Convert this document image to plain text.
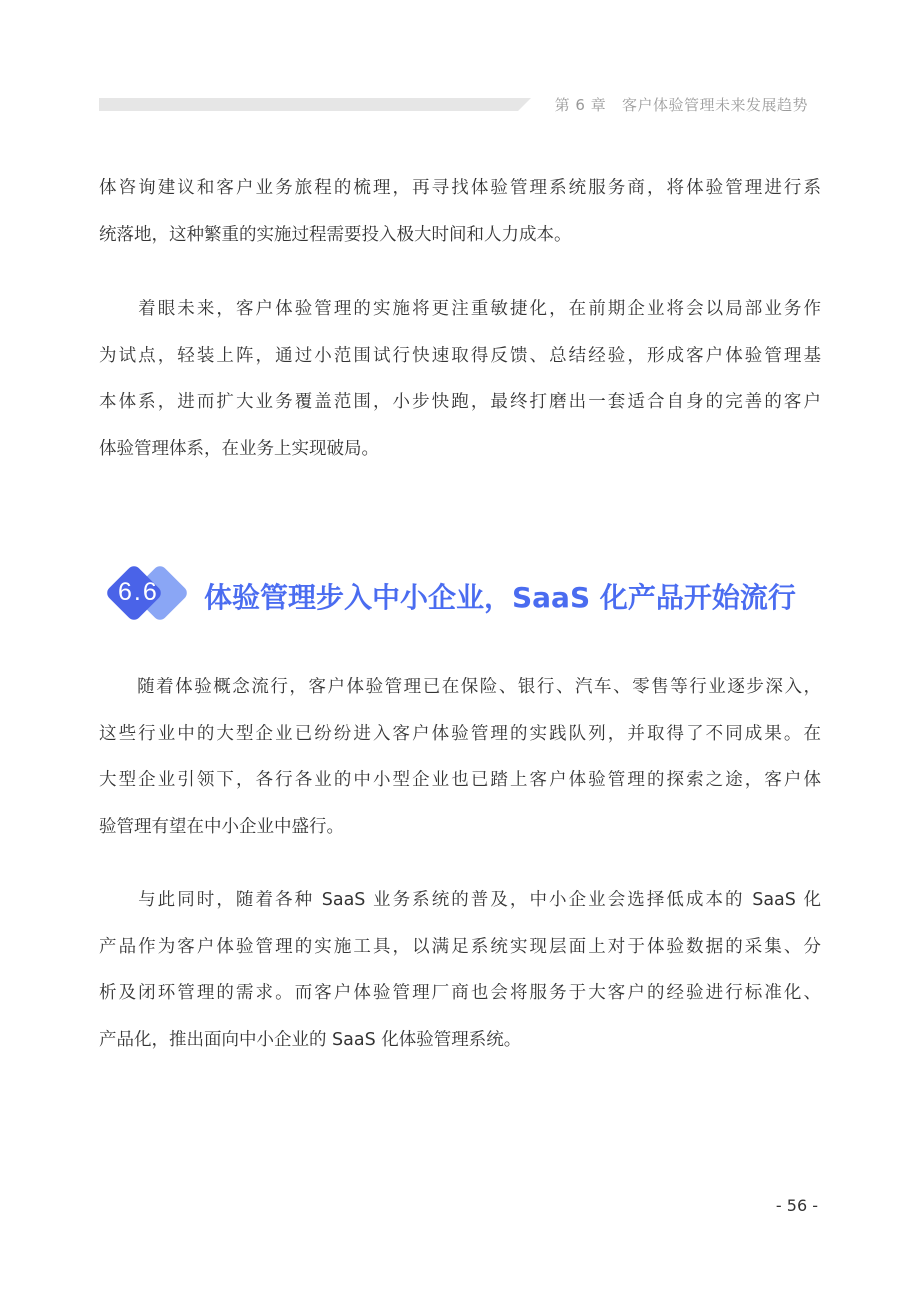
第 6 章   客户体验管理未来发展趋势
体咨询建议和客户业务旅程的梳理，再寻找体验管理系统服务商，将体验管理进行系
统落地，这种繁重的实施过程需要投入极大时间和人力成本。
　　着眼未来，客户体验管理的实施将更注重敏捷化，在前期企业将会以局部业务作
为试点，轻装上阵，通过小范围试行快速取得反馈、总结经验，形成客户体验管理基
本体系，进而扩大业务覆盖范围，小步快跑，最终打磨出一套适合自身的完善的客户
体验管理体系，在业务上实现破局。
6.6 体验管理步入中小企业，SaaS 化产品开始流行
　　随着体验概念流行，客户体验管理已在保险、银行、汽车、零售等行业逐步深入，
这些行业中的大型企业已纷纷进入客户体验管理的实践队列，并取得了不同成果。在
大型企业引领下，各行各业的中小型企业也已踏上客户体验管理的探索之途，客户体
验管理有望在中小企业中盛行。
　　与此同时，随着各种 SaaS 业务系统的普及，中小企业会选择低成本的 SaaS 化
产品作为客户体验管理的实施工具，以满足系统实现层面上对于体验数据的采集、分
析及闭环管理的需求。而客户体验管理厂商也会将服务于大客户的经验进行标准化、
产品化，推出面向中小企业的 SaaS 化体验管理系统。
- 56 -
